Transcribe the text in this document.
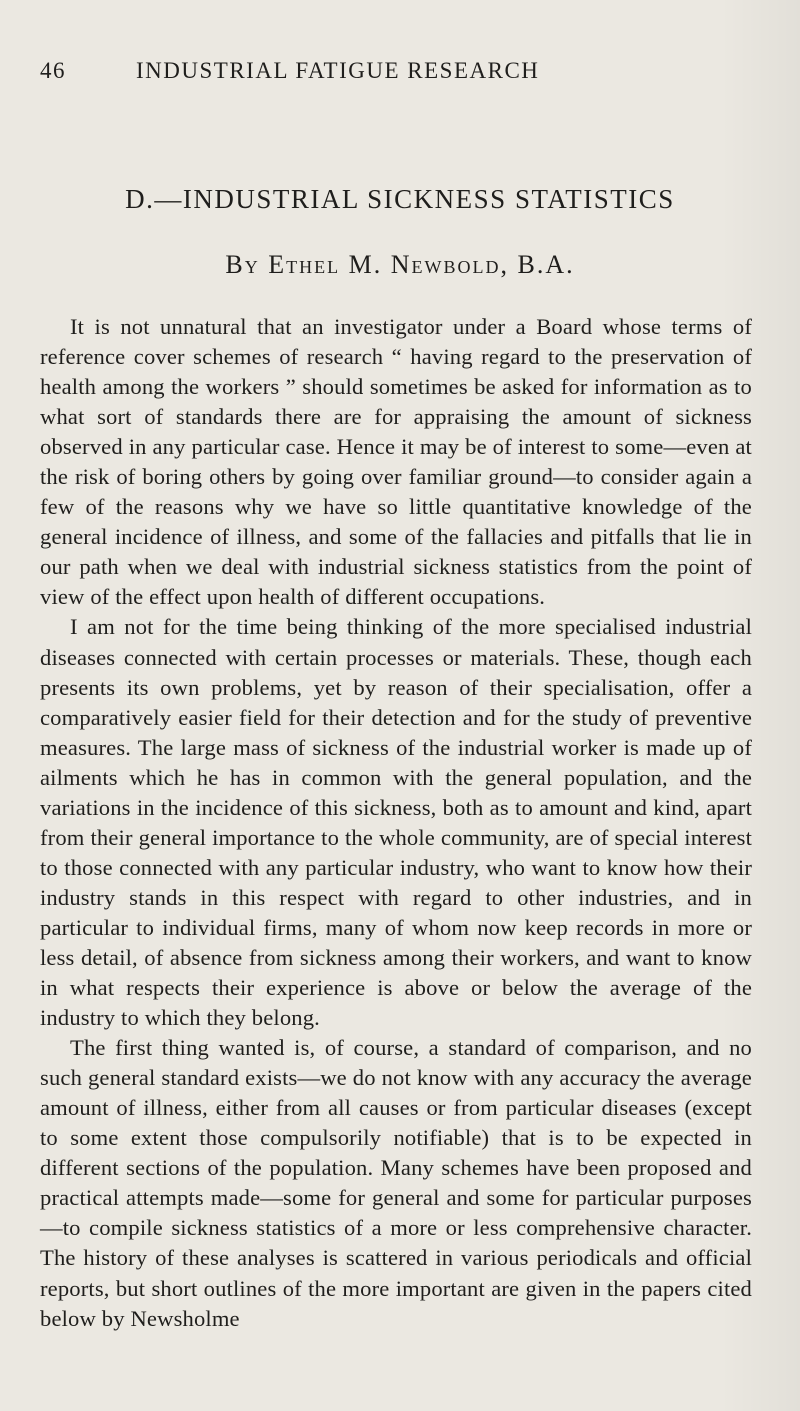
46	INDUSTRIAL FATIGUE RESEARCH
D.—INDUSTRIAL SICKNESS STATISTICS
By Ethel M. Newbold, B.A.

It is not unnatural that an investigator under a Board whose terms of reference cover schemes of research “ having regard to the preservation of health among the workers ” should sometimes be asked for information as to what sort of standards there are for appraising the amount of sickness observed in any particular case. Hence it may be of interest to some—even at the risk of boring others by going over familiar ground—to consider again a few of the reasons why we have so little quantitative knowledge of the general incidence of illness, and some of the fallacies and pitfalls that lie in our path when we deal with industrial sickness statistics from the point of view of the effect upon health of different occupations.

I am not for the time being thinking of the more specialised industrial diseases connected with certain processes or materials. These, though each presents its own problems, yet by reason of their specialisation, offer a comparatively easier field for their detection and for the study of preventive measures. The large mass of sickness of the industrial worker is made up of ailments which he has in common with the general population, and the variations in the incidence of this sickness, both as to amount and kind, apart from their general importance to the whole community, are of special interest to those connected with any particular industry, who want to know how their industry stands in this respect with regard to other industries, and in particular to individual firms, many of whom now keep records in more or less detail, of absence from sickness among their workers, and want to know in what respects their experience is above or below the average of the industry to which they belong.

The first thing wanted is, of course, a standard of comparison, and no such general standard exists—we do not know with any accuracy the average amount of illness, either from all causes or from particular diseases (except to some extent those compulsorily notifiable) that is to be expected in different sections of the population. Many schemes have been proposed and practical attempts made—some for general and some for particular purposes—to compile sickness statistics of a more or less comprehensive character. The history of these analyses is scattered in various periodicals and official reports, but short outlines of the more important are given in the papers cited below by Newsholme
